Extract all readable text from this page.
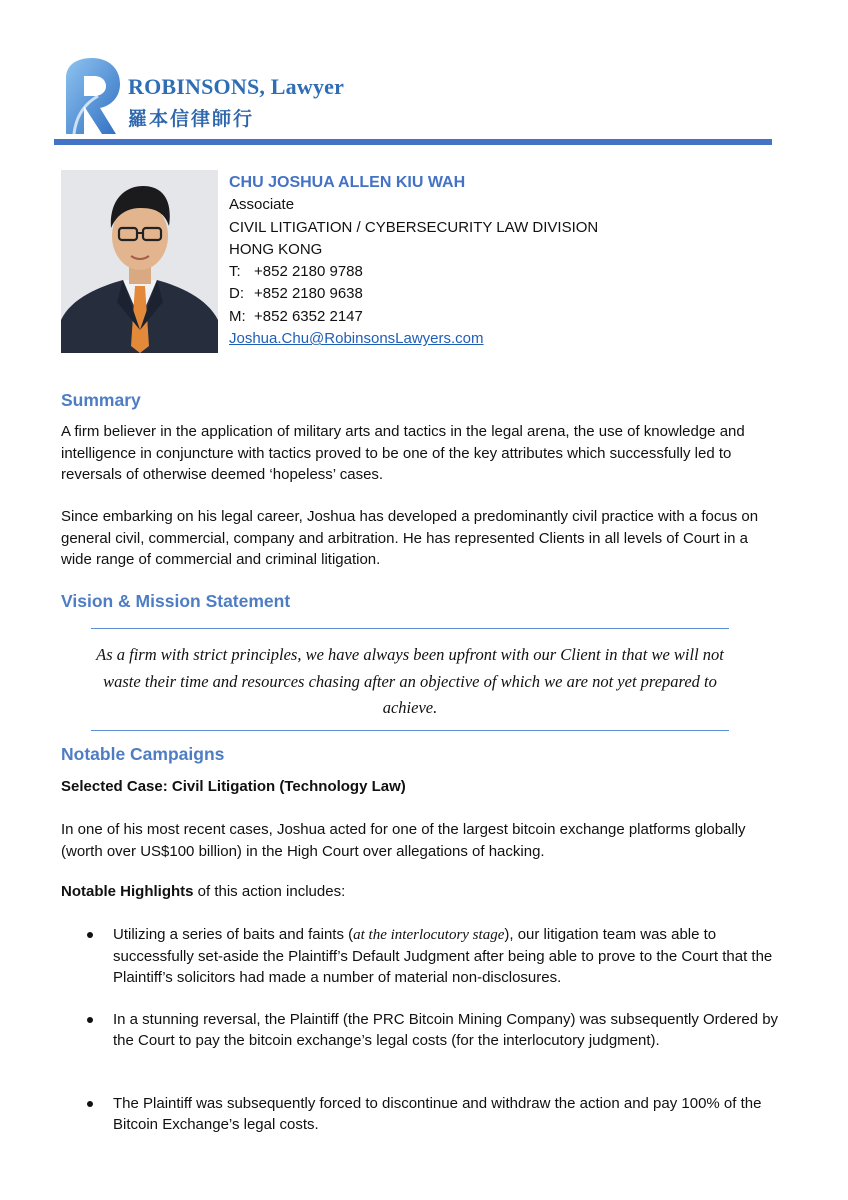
ROBINSONS, Lawyer
羅本信律師行
CHU JOSHUA ALLEN KIU WAH
Associate
CIVIL LITIGATION / CYBERSECURITY LAW DIVISION
HONG KONG
T: +852 2180 9788
D: +852 2180 9638
M: +852 6352 2147
Joshua.Chu@RobinsonsLawyers.com
Summary

A firm believer in the application of military arts and tactics in the legal arena, the use of knowledge and intelligence in conjuncture with tactics proved to be one of the key attributes which successfully led to reversals of otherwise deemed ‘hopeless’ cases.

Since embarking on his legal career, Joshua has developed a predominantly civil practice with a focus on general civil, commercial, company and arbitration. He has represented Clients in all levels of Court in a wide range of commercial and criminal litigation.

Vision & Mission Statement
As a firm with strict principles, we have always been upfront with our Client in that we will not waste their time and resources chasing after an objective of which we are not yet prepared to achieve.
Notable Campaigns
Selected Case: Civil Litigation (Technology Law)

In one of his most recent cases, Joshua acted for one of the largest bitcoin exchange platforms globally (worth over US$100 billion) in the High Court over allegations of hacking.

Notable Highlights of this action includes:
Utilizing a series of baits and faints (at the interlocutory stage), our litigation team was able to successfully set-aside the Plaintiff’s Default Judgment after being able to prove to the Court that the Plaintiff’s solicitors had made a number of material non-disclosures.
In a stunning reversal, the Plaintiff (the PRC Bitcoin Mining Company) was subsequently Ordered by the Court to pay the bitcoin exchange’s legal costs (for the interlocutory judgment).
The Plaintiff was subsequently forced to discontinue and withdraw the action and pay 100% of the Bitcoin Exchange’s legal costs.
